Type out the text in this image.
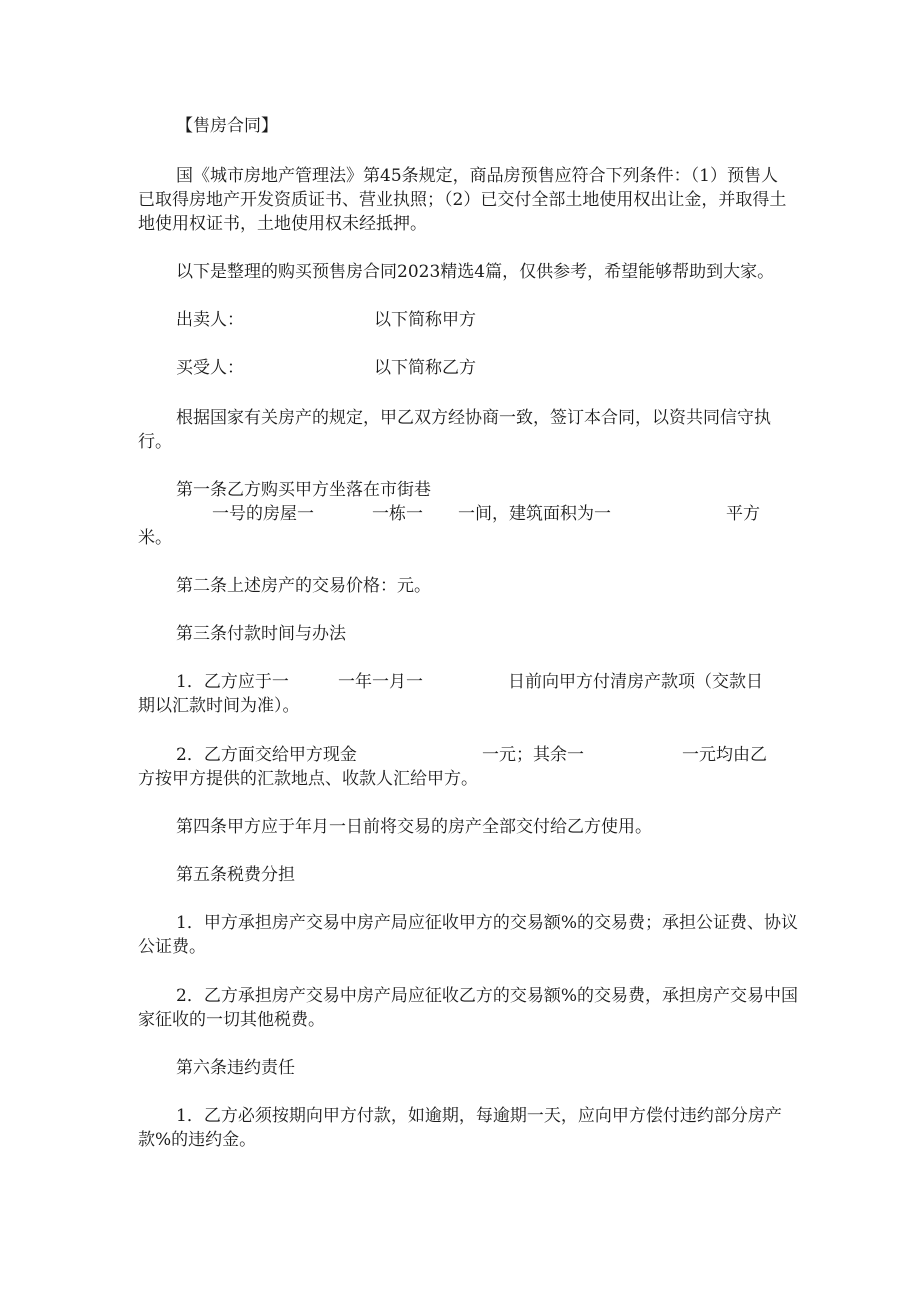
【售房合同】
国《城市房地产管理法》第45条规定，商品房预售应符合下列条件：（1）预售人
已取得房地产开发资质证书、营业执照；（2）已交付全部土地使用权出让金，并取得土
地使用权证书，土地使用权未经抵押。
以下是整理的购买预售房合同2023精选4篇，仅供参考，希望能够帮助到大家。
出卖人：	以下简称甲方
买受人：	以下简称乙方
根据国家有关房产的规定，甲乙双方经协商一致，签订本合同，以资共同信守执
行。
第一条乙方购买甲方坐落在市街巷
一号的房屋一	一栋一 一间，建筑面积为一	平方
米。
第二条上述房产的交易价格：元。
第三条付款时间与办法
1．乙方应于一	一年一月一	日前向甲方付清房产款项（交款日
期以汇款时间为准）。
2．乙方面交给甲方现金	一元；其余一	一元均由乙
方按甲方提供的汇款地点、收款人汇给甲方。
第四条甲方应于年月一日前将交易的房产全部交付给乙方使用。
第五条税费分担
1．甲方承担房产交易中房产局应征收甲方的交易额%的交易费；承担公证费、协议
公证费。
2．乙方承担房产交易中房产局应征收乙方的交易额%的交易费，承担房产交易中国
家征收的一切其他税费。
第六条违约责任
1．乙方必须按期向甲方付款，如逾期，每逾期一天，应向甲方偿付违约部分房产
款%的违约金。
